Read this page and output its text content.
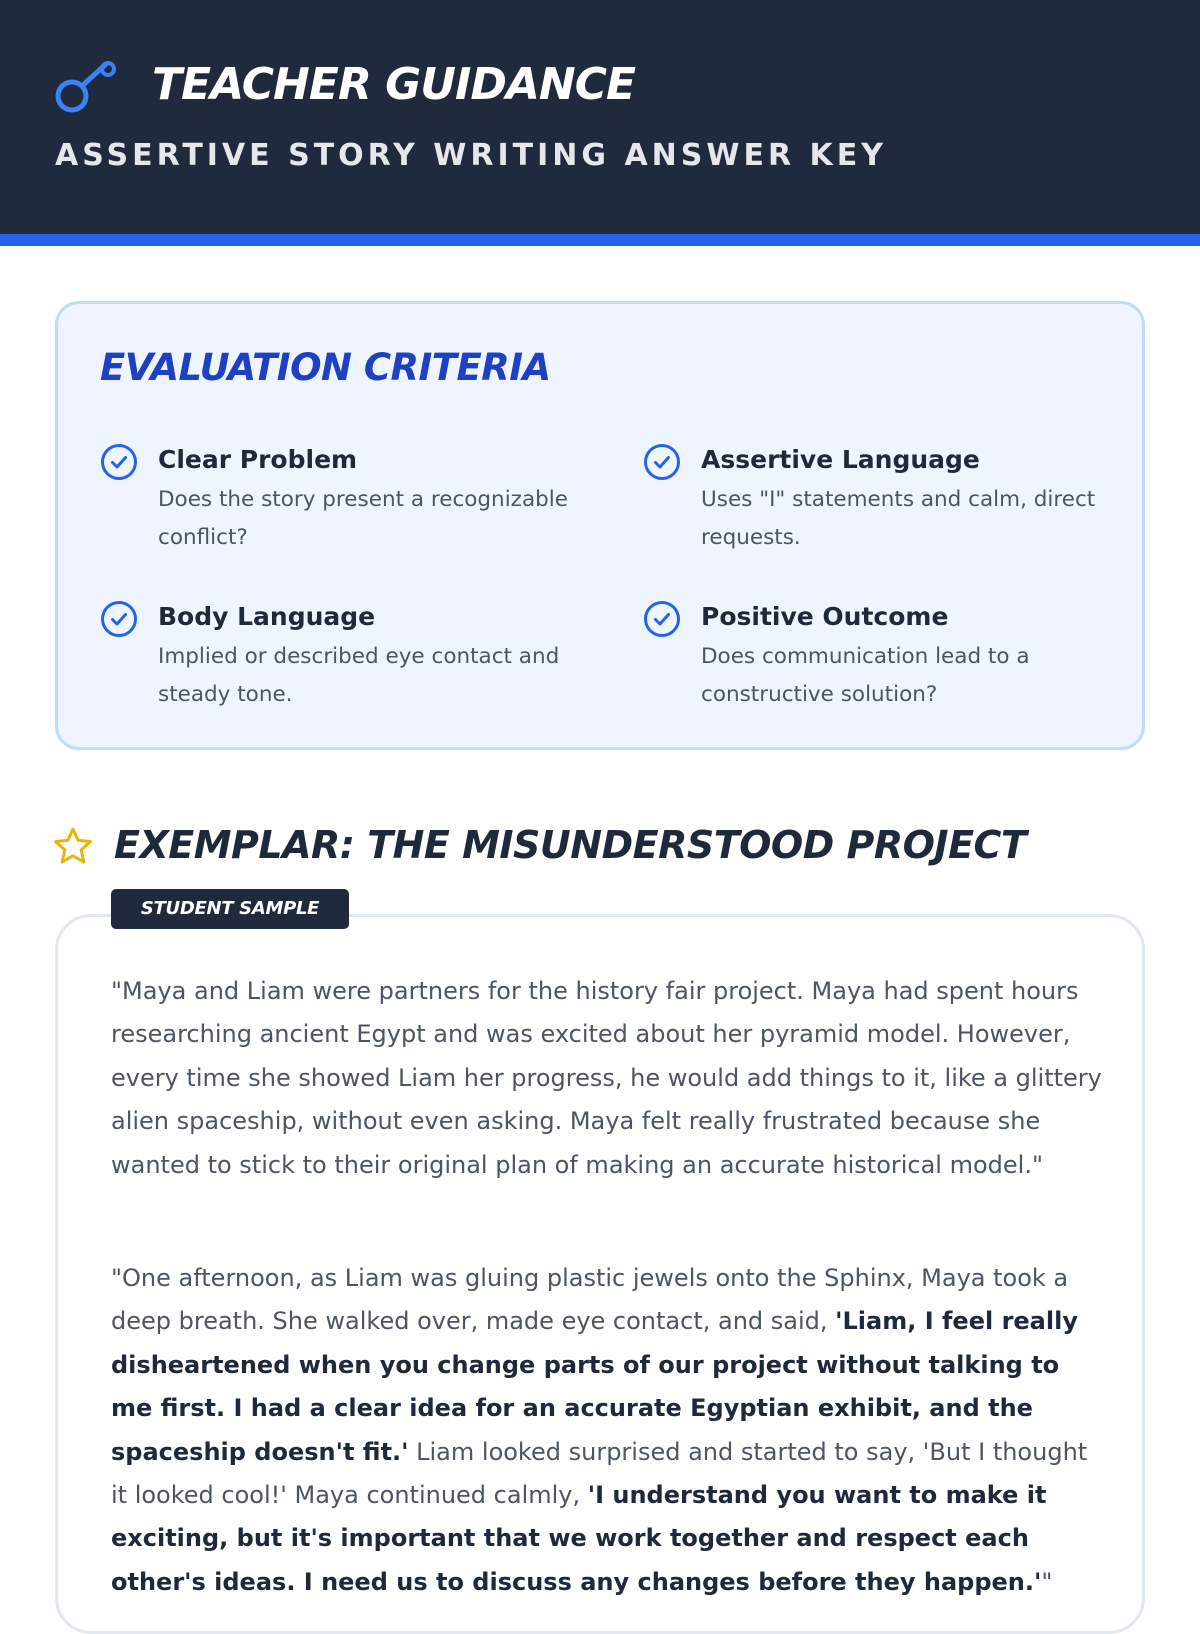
TEACHER GUIDANCE
ASSERTIVE STORY WRITING ANSWER KEY
EVALUATION CRITERIA
Clear Problem
Does the story present a recognizable conflict?
Assertive Language
Uses "I" statements and calm, direct requests.
Body Language
Implied or described eye contact and steady tone.
Positive Outcome
Does communication lead to a constructive solution?
EXEMPLAR: THE MISUNDERSTOOD PROJECT
STUDENT SAMPLE

"Maya and Liam were partners for the history fair project. Maya had spent hours researching ancient Egypt and was excited about her pyramid model. However, every time she showed Liam her progress, he would add things to it, like a glittery alien spaceship, without even asking. Maya felt really frustrated because she wanted to stick to their original plan of making an accurate historical model."

"One afternoon, as Liam was gluing plastic jewels onto the Sphinx, Maya took a deep breath. She walked over, made eye contact, and said, 'Liam, I feel really disheartened when you change parts of our project without talking to me first. I had a clear idea for an accurate Egyptian exhibit, and the spaceship doesn't fit.' Liam looked surprised and started to say, 'But I thought it looked cool!' Maya continued calmly, 'I understand you want to make it exciting, but it's important that we work together and respect each other's ideas. I need us to discuss any changes before they happen.'"
